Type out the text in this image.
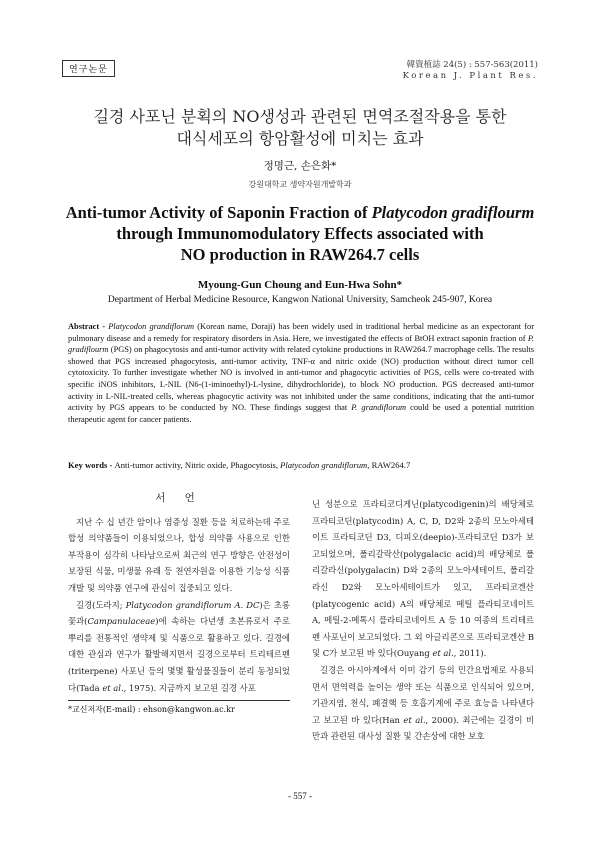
연구논문	韓資植誌 24(5) : 557-563(2011)
Korean J. Plant Res.
길경 사포닌 분획의 NO생성과 관련된 면역조절작용을 통한
대식세포의 항암활성에 미치는 효과
정명근, 손은화*
강원대학교 생약자원개발학과
Anti-tumor Activity of Saponin Fraction of Platycodon gradiflourm
through Immunomodulatory Effects associated with
NO production in RAW264.7 cells
Myoung-Gun Choung and Eun-Hwa Sohn*
Department of Herbal Medicine Resource, Kangwon National University, Samcheok 245-907, Korea
Abstract - Platycodon grandiflorum (Korean name, Doraji) has been widely used in traditional herbal medicine as an expectorant for pulmonary disease and a remedy for respiratory disorders in Asia. Here, we investigated the effects of BtOH extract saponin fraction of P. gradiflourm (PGS) on phagocytosis and anti-tumor activity with related cytokine productions in RAW264.7 macrophage cells. The results showed that PGS increased phagocytosis, anti-tumor activity, TNF-α and nitric oxide (NO) production without direct tumor cell cytotoxicity. To further investigate whether NO is involved in anti-tumor and phagocytic activities of PGS, cells were co-treated with specific iNOS inhibitors, L-NIL (N6-(1-iminoethyl)-L-lysine, dihydrochloride), to block NO production. PGS decreased anti-tumor activity in L-NIL-treated cells, whereas phagocytic activity was not inhibited under the same conditions, indicating that the anti-tumor activity by PGS appears to be conducted by NO. These findings suggest that P. grandiflorum could be used a potential nutrition therapeutic agent for cancer patients.
Key words - Anti-tumor activity, Nitric oxide, Phagocytosis, Platycodon grandiflorum, RAW264.7
서 언

지난 수 십 년간 암이나 염증성 질환 등을 치료하는데 주로 합성 의약품들이 이용되었으나, 합성 의약품 사용으로 인한 부작용이 심각히 나타남으로써 최근의 연구 방향은 안전성이 보장된 식물, 미생물 유래 등 천연자원을 이용한 기능성 식품 개발 및 의약품 연구에 관심이 집중되고 있다.

길경(도라지; Platycodon grandiflorum A. DC)은 초롱꽃과(Campanulaceae)에 속하는 다년생 초본류로서 주로 뿌리를 전통적인 생약제 및 식품으로 활용하고 있다. 길경에 대한 관심과 연구가 활발해지면서 길경으로부터 트리테르펜(triterpene) 사포닌 등의 몇몇 활성물질들이 분리 동정되었다(Tada et al., 1975). 지금까지 보고된 길경 사포

닌 성분으로 프라티코디게닌(platycodigenin)의 배당체로 프라티코딘(platycodin) A, C, D, D2와 2종의 모노아세테이트 프라티코딘 D3, 디피오(deepio)-프라티코딘 D3가 보고되었으며, 폴리갈락산(polygalacic acid)의 배당체로 폴리갈라신(polygalacin) D와 2종의 모노아세테이트, 폴리갈라신 D2와 모노아세테이트가 있고, 프라티코겐산(platycogenic acid) A의 배당체로 메틸 플라티코네이트 A, 메틸-2-메톡시 플라티코네이트 A 등 10 여종의 트리테르펜 사포닌이 보고되었다. 그 외 아글리콘으로 프라티코겐산 B 및 C가 보고된 바 있다(Ouyang et al., 2011).

길경은 아시아계에서 이미 감기 등의 민간요법제로 사용되면서 면역력을 높이는 생약 또는 식품으로 인식되어 있으며, 기관지염, 천식, 폐결핵 등 호흡기계에 주로 효능을 나타낸다고 보고된 바 있다(Han et al., 2000). 최근에는 길경이 비만과 관련된 대사성 질환 및 간손상에 대한 보호

*교신저자(E-mail) : ehson@kangwon.ac.kr
- 557 -
